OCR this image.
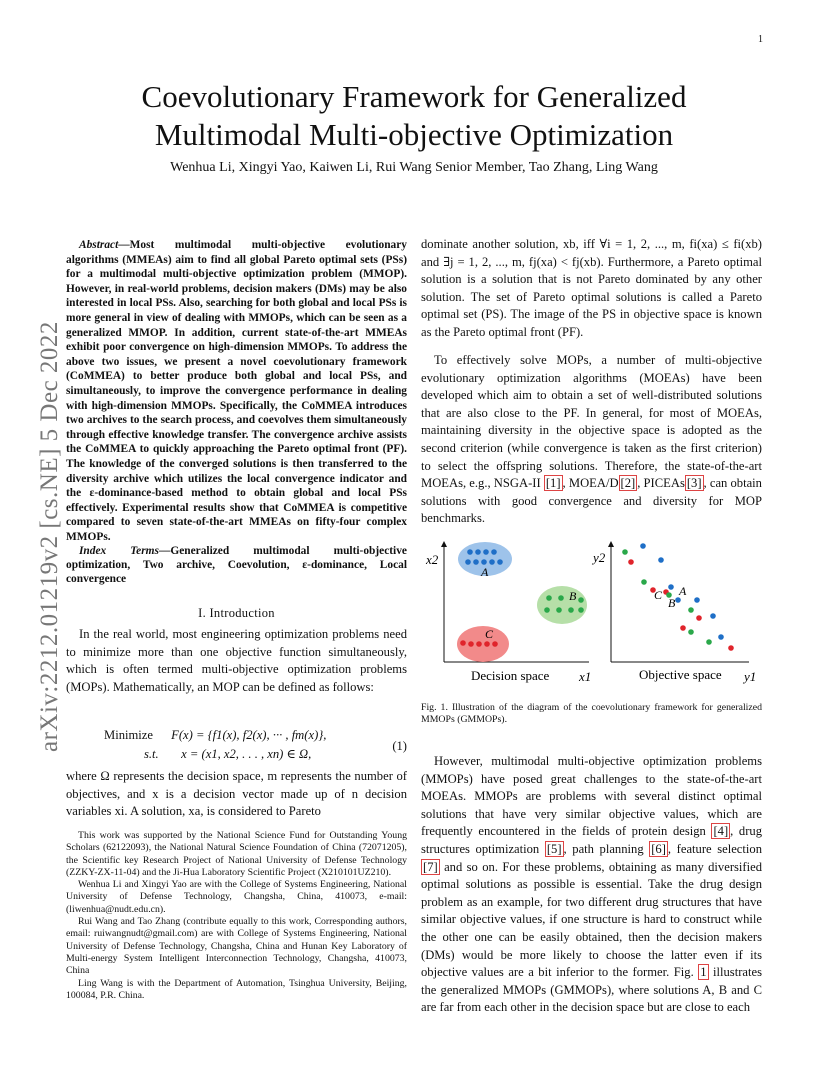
1
arXiv:2212.01219v2 [cs.NE] 5 Dec 2022
Coevolutionary Framework for Generalized
Multimodal Multi-objective Optimization
Wenhua Li, Xingyi Yao, Kaiwen Li, Rui Wang Senior Member, Tao Zhang, Ling Wang
Abstract—Most multimodal multi-objective evolutionary algorithms (MMEAs) aim to find all global Pareto optimal sets (PSs) for a multimodal multi-objective optimization problem (MMOP). However, in real-world problems, decision makers (DMs) may be also interested in local PSs. Also, searching for both global and local PSs is more general in view of dealing with MMOPs, which can be seen as a generalized MMOP. In addition, current state-of-the-art MMEAs exhibit poor convergence on high-dimension MMOPs. To address the above two issues, we present a novel coevolutionary framework (CoMMEA) to better produce both global and local PSs, and simultaneously, to improve the convergence performance in dealing with high-dimension MMOPs. Specifically, the CoMMEA introduces two archives to the search process, and coevolves them simultaneously through effective knowledge transfer. The convergence archive assists the CoMMEA to quickly approaching the Pareto optimal front (PF). The knowledge of the converged solutions is then transferred to the diversity archive which utilizes the local convergence indicator and the ε-dominance-based method to obtain global and local PSs effectively. Experimental results show that CoMMEA is competitive compared to seven state-of-the-art MMEAs on fifty-four complex MMOPs.
Index Terms—Generalized multimodal multi-objective optimization, Two archive, Coevolution, ε-dominance, Local convergence
I. Introduction
In the real world, most engineering optimization problems need to minimize more than one objective function simultaneously, which is often termed multi-objective optimization problems (MOPs). Mathematically, an MOP can be defined as follows:
Minimize F(x) = {f1(x), f2(x), ··· , fm(x)},
s.t. x = (x1, x2, . . . , xn) ∈ Ω,
(1)
where Ω represents the decision space, m represents the number of objectives, and x is a decision vector made up of n decision variables xi. A solution, xa, is considered to Pareto

This work was supported by the National Science Fund for Outstanding Young Scholars (62122093), the National Natural Science Foundation of China (72071205), the Scientific key Research Project of National University of Defense Technology (ZZKY-ZX-11-04) and the Ji-Hua Laboratory Scientific Project (X210101UZ210).

Wenhua Li and Xingyi Yao are with the College of Systems Engineering, National University of Defense Technology, Changsha, China, 410073, e-mail: (liwenhua@nudt.edu.cn).

Rui Wang and Tao Zhang (contribute equally to this work, Corresponding authors, email: ruiwangnudt@gmail.com) are with College of Systems Engineering, National University of Defense Technology, Changsha, China and Hunan Key Laboratory of Multi-energy System Intelligent Interconnection Technology, Changsha, 410073, China

Ling Wang is with the Department of Automation, Tsinghua University, Beijing, 100084, P.R. China.

dominate another solution, xb, iff ∀i = 1, 2, ..., m, fi(xa) ≤ fi(xb) and ∃j = 1, 2, ..., m, fj(xa) < fj(xb). Furthermore, a Pareto optimal solution is a solution that is not Pareto dominated by any other solution. The set of Pareto optimal solutions is called a Pareto optimal set (PS). The image of the PS in objective space is known as the Pareto optimal front (PF).
To effectively solve MOPs, a number of multi-objective evolutionary optimization algorithms (MOEAs) have been developed which aim to obtain a set of well-distributed solutions that are also close to the PF. In general, for most of MOEAs, maintaining diversity in the objective space is adopted as the second criterion (while convergence is taken as the first criterion) to select the offspring solutions. Therefore, the state-of-the-art MOEAs, e.g., NSGA-II [1] , MOEA/D [2] , PICEAs [3] , can obtain solutions with good convergence and diversity for MOP benchmarks.
x2
Decision space x1
A
B
C
y2
Objective space y1
A
C
B
Fig. 1. Illustration of the diagram of the coevolutionary framework for generalized MMOPs (GMMOPs).
However, multimodal multi-objective optimization problems (MMOPs) have posed great challenges to the state-of-the-art MOEAs. MMOPs are problems with several distinct optimal solutions that have very similar objective values, which are frequently encountered in the fields of protein design [4] , drug structures optimization [5] , path planning [6] , feature selection [7] and so on. For these problems, obtaining as many diversified optimal solutions as possible is essential. Take the drug design problem as an example, for two different drug structures that have similar objective values, if one structure is hard to construct while the other one can be easily obtained, then the decision makers (DMs) would be more likely to choose the latter even if its objective values are a bit inferior to the former. Fig. 1 illustrates the generalized MMOPs (GMMOPs), where solutions A, B and C are far from each other in the decision space but are close to each
